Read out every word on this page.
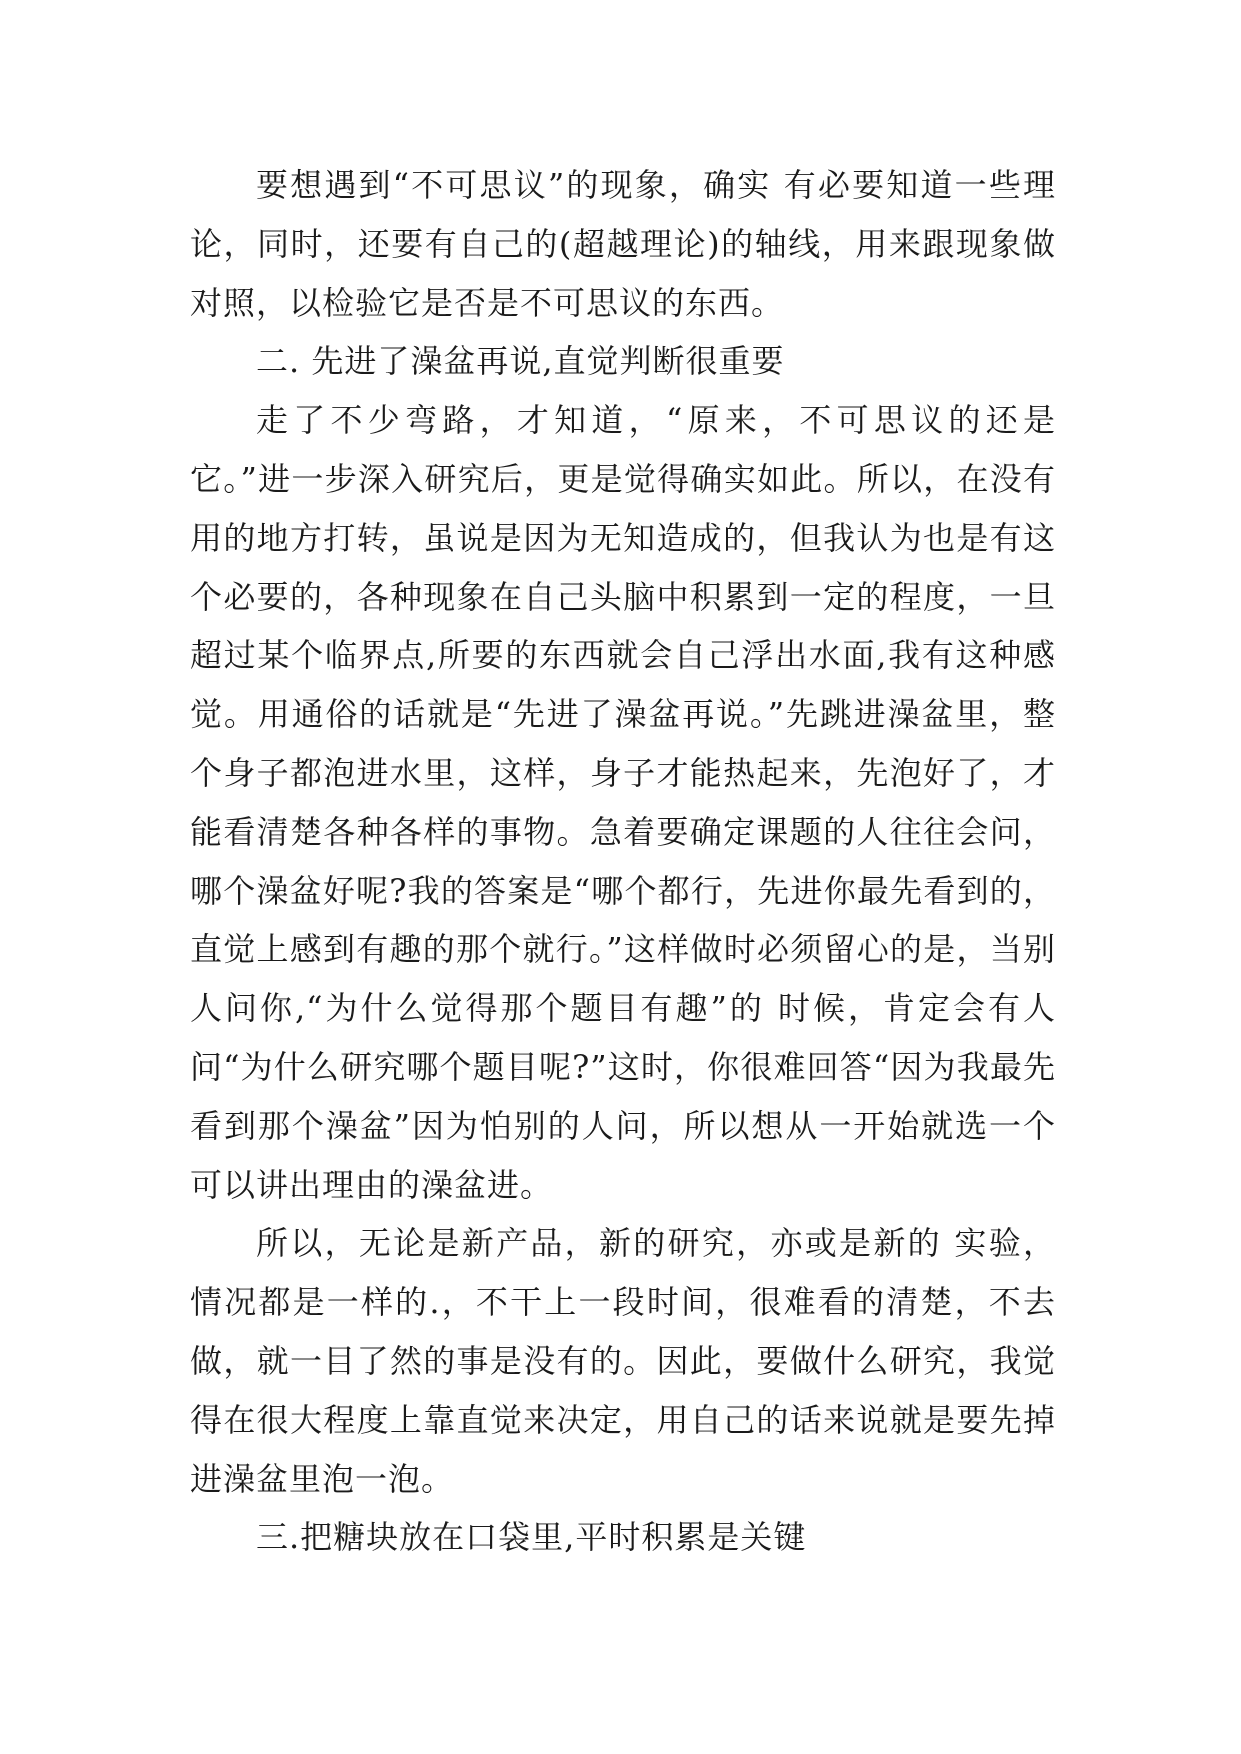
要想遇到“不可思议”的现象，确实 有必要知道一些理论，同时，还要有自己的(超越理论)的轴线，用来跟现象做对照，以检验它是否是不可思议的东西。

二. 先进了澡盆再说,直觉判断很重要

走了不少弯路，才知道，“原来，不可思议的还是它。”进一步深入研究后，更是觉得确实如此。所以，在没有用的地方打转，虽说是因为无知造成的，但我认为也是有这个必要的，各种现象在自己头脑中积累到一定的程度，一旦超过某个临界点,所要的东西就会自己浮出水面,我有这种感觉。用通俗的话就是“先进了澡盆再说。”先跳进澡盆里，整个身子都泡进水里，这样，身子才能热起来，先泡好了，才能看清楚各种各样的事物。急着要确定课题的人往往会问，哪个澡盆好呢?我的答案是“哪个都行，先进你最先看到的，直觉上感到有趣的那个就行。”这样做时必须留心的是，当别人问你,“为什么觉得那个题目有趣”的 时候，肯定会有人问“为什么研究哪个题目呢?”这时，你很难回答“因为我最先看到那个澡盆”因为怕别的人问，所以想从一开始就选一个可以讲出理由的澡盆进。

所以，无论是新产品，新的研究，亦或是新的 实验，情况都是一样的.，不干上一段时间，很难看的清楚，不去做，就一目了然的事是没有的。因此，要做什么研究，我觉得在很大程度上靠直觉来决定，用自己的话来说就是要先掉进澡盆里泡一泡。

三.把糖块放在口袋里,平时积累是关键
